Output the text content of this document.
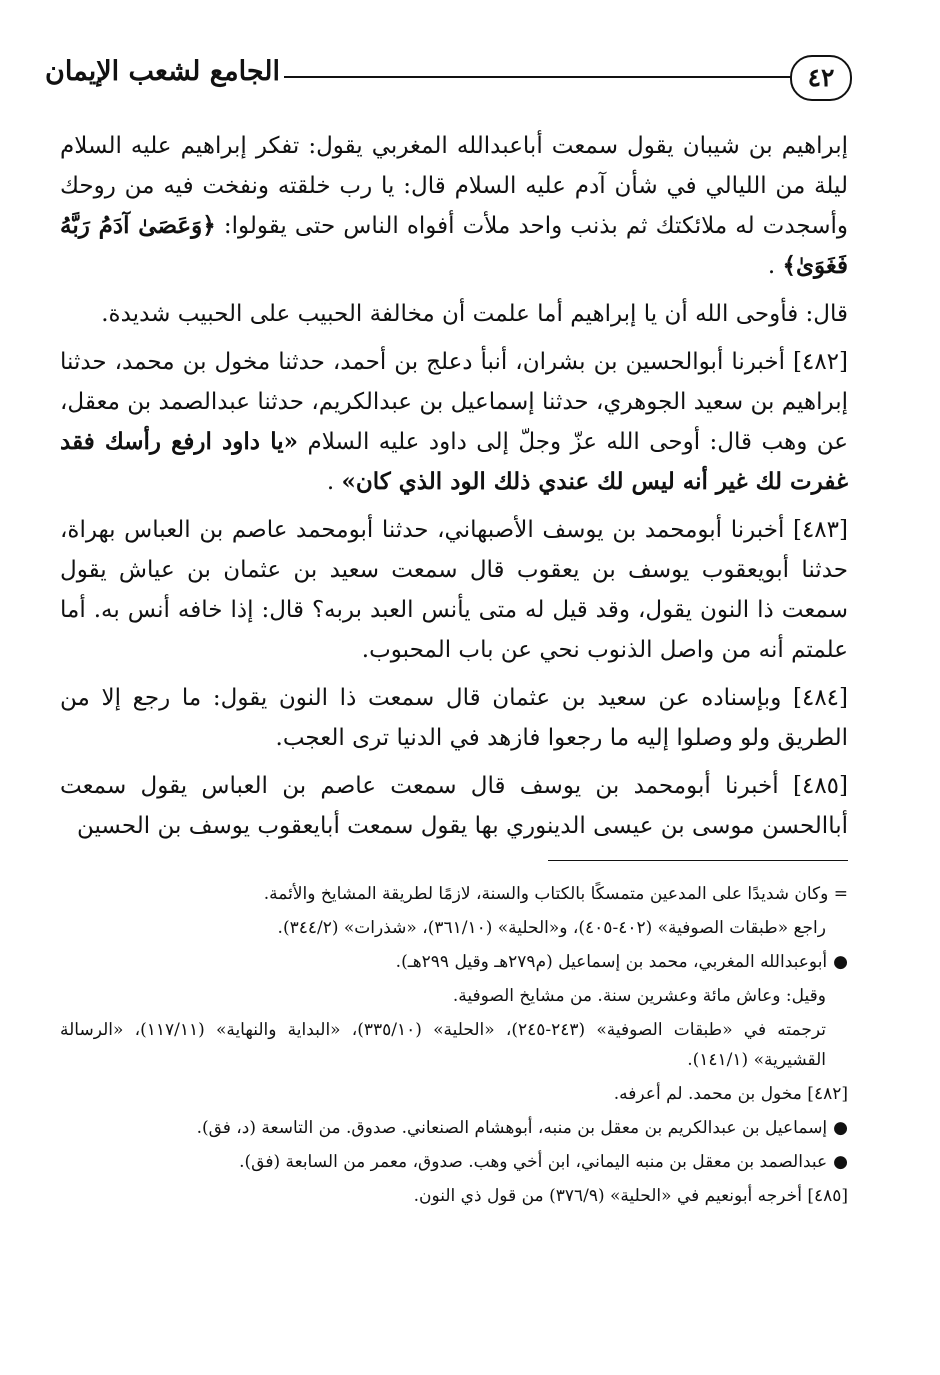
٤٢
الجامع لشعب الإيمان

إبراهيم بن شيبان يقول سمعت أباعبدالله المغربي يقول: تفكر إبراهيم عليه السلام ليلة من الليالي في شأن آدم عليه السلام قال: يا رب خلقته ونفخت فيه من روحك وأسجدت له ملائكتك ثم بذنب واحد ملأت أفواه الناس حتى يقولوا: ﴿وَعَصَىٰ آدَمُ رَبَّهُ فَغَوَىٰ﴾ .

قال: فأوحى الله أن يا إبراهيم أما علمت أن مخالفة الحبيب على الحبيب شديدة.

[٤٨٢] أخبرنا أبوالحسين بن بشران، أنبأ دعلج بن أحمد، حدثنا مخول بن محمد، حدثنا إبراهيم بن سعيد الجوهري، حدثنا إسماعيل بن عبدالكريم، حدثنا عبدالصمد بن معقل، عن وهب قال: أوحى الله عزّ وجلّ إلى داود عليه السلام «يا داود ارفع رأسك فقد غفرت لك غير أنه ليس لك عندي ذلك الود الذي كان» .

[٤٨٣] أخبرنا أبومحمد بن يوسف الأصبهاني، حدثنا أبومحمد عاصم بن العباس بهراة، حدثنا أبويعقوب يوسف بن يعقوب قال سمعت سعيد بن عثمان بن عياش يقول سمعت ذا النون يقول، وقد قيل له متى يأنس العبد بربه؟ قال: إذا خافه أنس به. أما علمتم أنه من واصل الذنوب نحي عن باب المحبوب.

[٤٨٤] وبإسناده عن سعيد بن عثمان قال سمعت ذا النون يقول: ما رجع إلا من الطريق ولو وصلوا إليه ما رجعوا فازهد في الدنيا ترى العجب.

[٤٨٥] أخبرنا أبومحمد بن يوسف قال سمعت عاصم بن العباس يقول سمعت أباالحسن موسى بن عيسى الدينوري بها يقول سمعت أبايعقوب يوسف بن الحسين

= وكان شديدًا على المدعين متمسكًا بالكتاب والسنة، لازمًا لطريقة المشايخ والأئمة.

راجع «طبقات الصوفية» (٤٠٢-٤٠٥)، و«الحلية» (٣٦١/١٠)، «شذرات» (٣٤٤/٢).

●أبوعبدالله المغربي، محمد بن إسماعيل (م٢٧٩هـ وقيل ٢٩٩هـ).

وقيل: وعاش مائة وعشرين سنة. من مشايخ الصوفية.

ترجمته في «طبقات الصوفية» (٢٤٣-٢٤٥)، «الحلية» (٣٣٥/١٠)، «البداية والنهاية» (١١٧/١١)، «الرسالة القشيرية» (١٤١/١).

[٤٨٢] مخول بن محمد. لم أعرفه.

●إسماعيل بن عبدالكريم بن معقل بن منبه، أبوهشام الصنعاني. صدوق. من التاسعة (د، فق).

●عبدالصمد بن معقل بن منبه اليماني، ابن أخي وهب. صدوق، معمر من السابعة (فق).

[٤٨٥] أخرجه أبونعيم في «الحلية» (٣٧٦/٩) من قول ذي النون.
